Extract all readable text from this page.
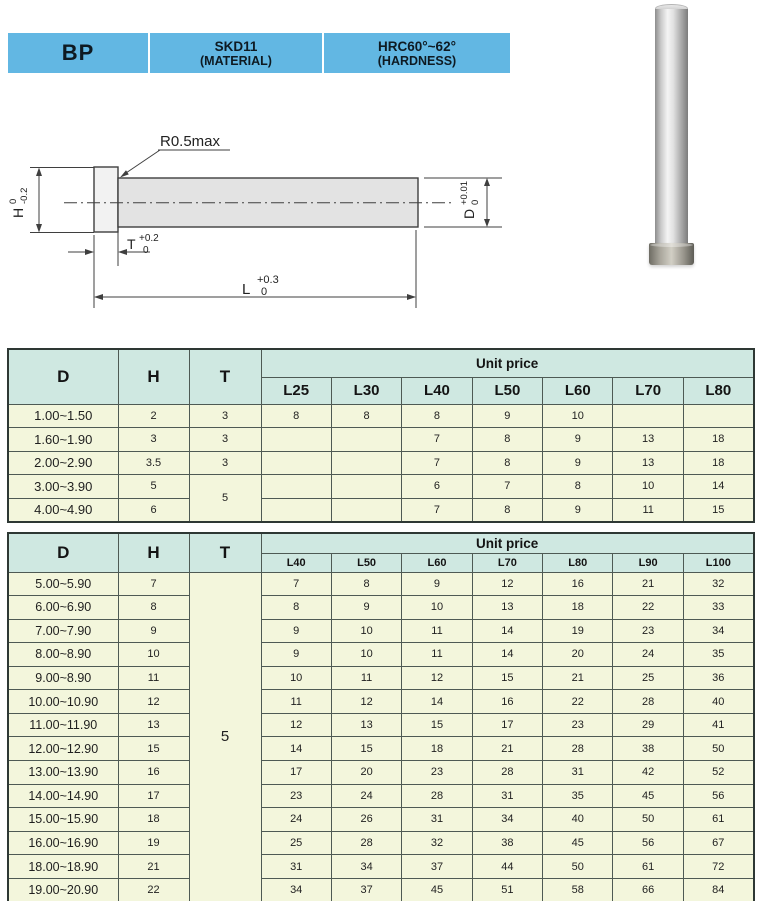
BP	SKD11
(MATERIAL)
HRC60°~62°
(HARDNESS)
R0.5max
H
0 -0.2
T +0.2
0
L
+0.3
0
D
+0.01 0
D	H	T	Unit price						
			L25	L30	L40	L50	L60	L70	L80
1.00~1.50	2	3	8	8	8	9	10		
1.60~1.90	3	3			7	8	9	13	18
2.00~2.90	3.5	3			7	8	9	13	18
3.00~3.90	5	5			6	7	8	10	14
4.00~4.90	6				7	8	9	11	15
D	H	T	Unit price						
			L40	L50	L60	L70	L80	L90	L100
5.00~5.90	7	5	7	8	9	12	16	21	32
6.00~6.90	8		8	9	10	13	18	22	33
7.00~7.90	9		9	10	11	14	19	23	34
8.00~8.90	10		9	10	11	14	20	24	35
9.00~8.90	11		10	11	12	15	21	25	36
10.00~10.90	12		11	12	14	16	22	28	40
11.00~11.90	13		12	13	15	17	23	29	41
12.00~12.90	15		14	15	18	21	28	38	50
13.00~13.90	16		17	20	23	28	31	42	52
14.00~14.90	17		23	24	28	31	35	45	56
15.00~15.90	18		24	26	31	34	40	50	61
16.00~16.90	19		25	28	32	38	45	56	67
18.00~18.90	21		31	34	37	44	50	61	72
19.00~20.90	22		34	37	45	51	58	66	84
